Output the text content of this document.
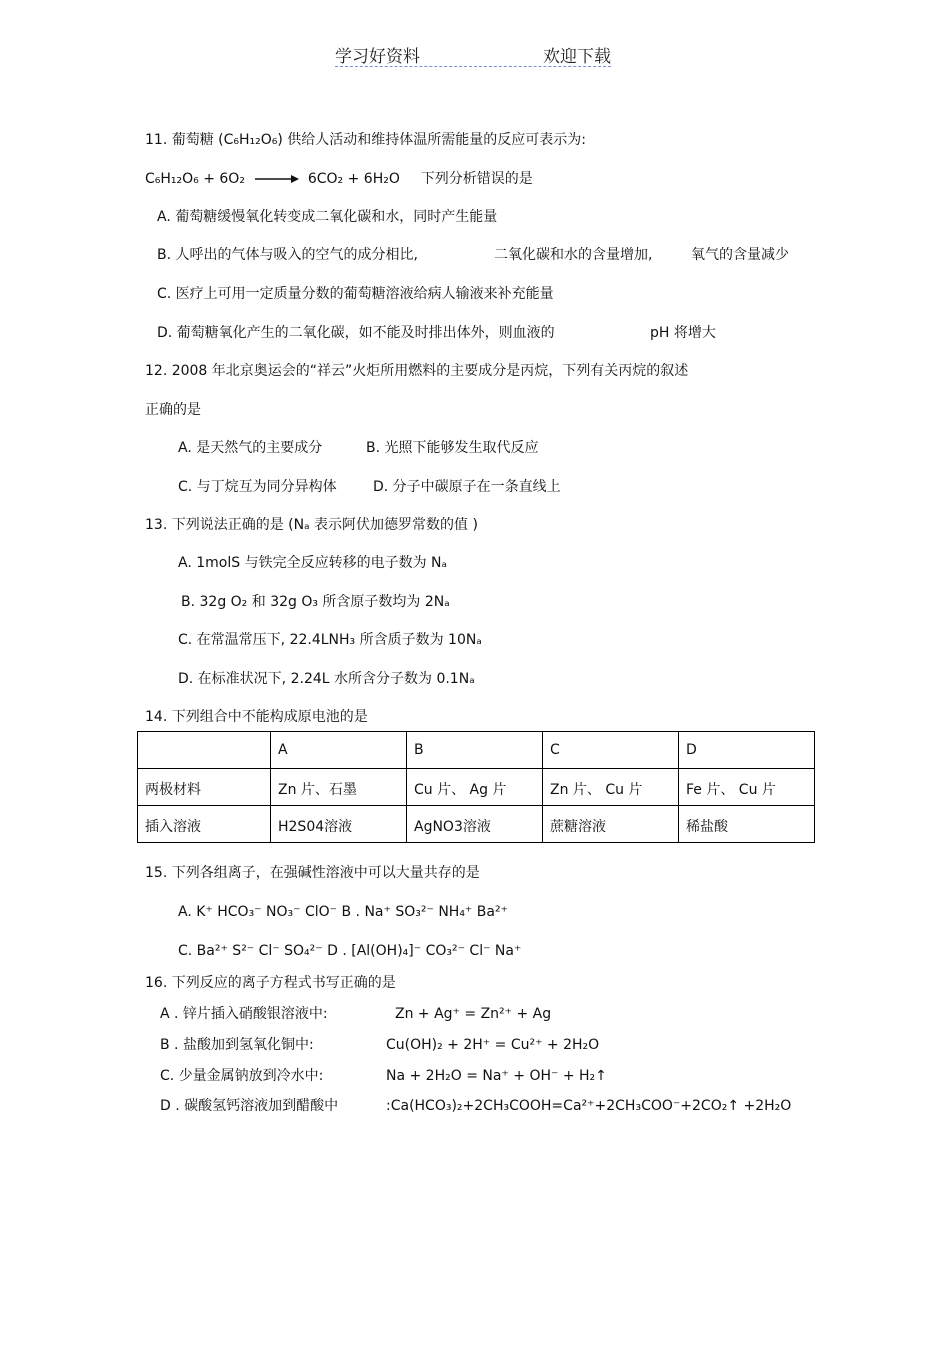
学习好资料	欢迎下载
11. 葡萄糖 (C₆H₁₂O₆) 供给人活动和维持体温所需能量的反应可表示为:
C₆H₁₂O₆ + 6O₂ → 6CO₂ + 6H₂O 下列分析错误的是
A. 葡萄糖缓慢氧化转变成二氧化碳和水，同时产生能量
B. 人呼出的气体与吸入的空气的成分相比,	二氧化碳和水的含量增加,	氧气的含量减少
C. 医疗上可用一定质量分数的葡萄糖溶液给病人输液来补充能量
D. 葡萄糖氧化产生的二氧化碳，如不能及时排出体外，则血液的	pH 将增大
12. 2008 年北京奥运会的“祥云”火炬所用燃料的主要成分是丙烷，下列有关丙烷的叙述
正确的是
A. 是天然气的主要成分	B. 光照下能够发生取代反应
C. 与丁烷互为同分异构体	D. 分子中碳原子在一条直线上
13. 下列说法正确的是 (Nₐ 表示阿伏加德罗常数的值 )
A. 1molS 与铁完全反应转移的电子数为 Nₐ
B. 32g O₂ 和 32g O₃ 所含原子数均为 2Nₐ
C. 在常温常压下, 22.4LNH₃ 所含质子数为 10Nₐ
D. 在标准状况下, 2.24L 水所含分子数为 0.1Nₐ
14. 下列组合中不能构成原电池的是
	A	B	C	D
两极材料	Zn 片、石墨	Cu 片、 Ag 片	Zn 片、 Cu 片	Fe 片、 Cu 片
插入溶液	H2S04溶液	AgNO3溶液	蔗糖溶液	稀盐酸
15. 下列各组离子，在强碱性溶液中可以大量共存的是
A. K⁺ HCO₃⁻ NO₃⁻ ClO⁻ B . Na⁺ SO₃²⁻ NH₄⁺ Ba²⁺
C. Ba²⁺ S²⁻ Cl⁻ SO₄²⁻ D . [Al(OH)₄]⁻ CO₃²⁻ Cl⁻ Na⁺
16. 下列反应的离子方程式书写正确的是
A . 锌片插入硝酸银溶液中:	Zn + Ag⁺ = Zn²⁺ + Ag
B . 盐酸加到氢氧化铜中:	Cu(OH)₂ + 2H⁺ = Cu²⁺ + 2H₂O
C. 少量金属钠放到冷水中:	Na + 2H₂O = Na⁺ + OH⁻ + H₂↑
D . 碳酸氢钙溶液加到醋酸中	:Ca(HCO₃)₂+2CH₃COOH=Ca²⁺+2CH₃COO⁻+2CO₂↑ +2H₂O
